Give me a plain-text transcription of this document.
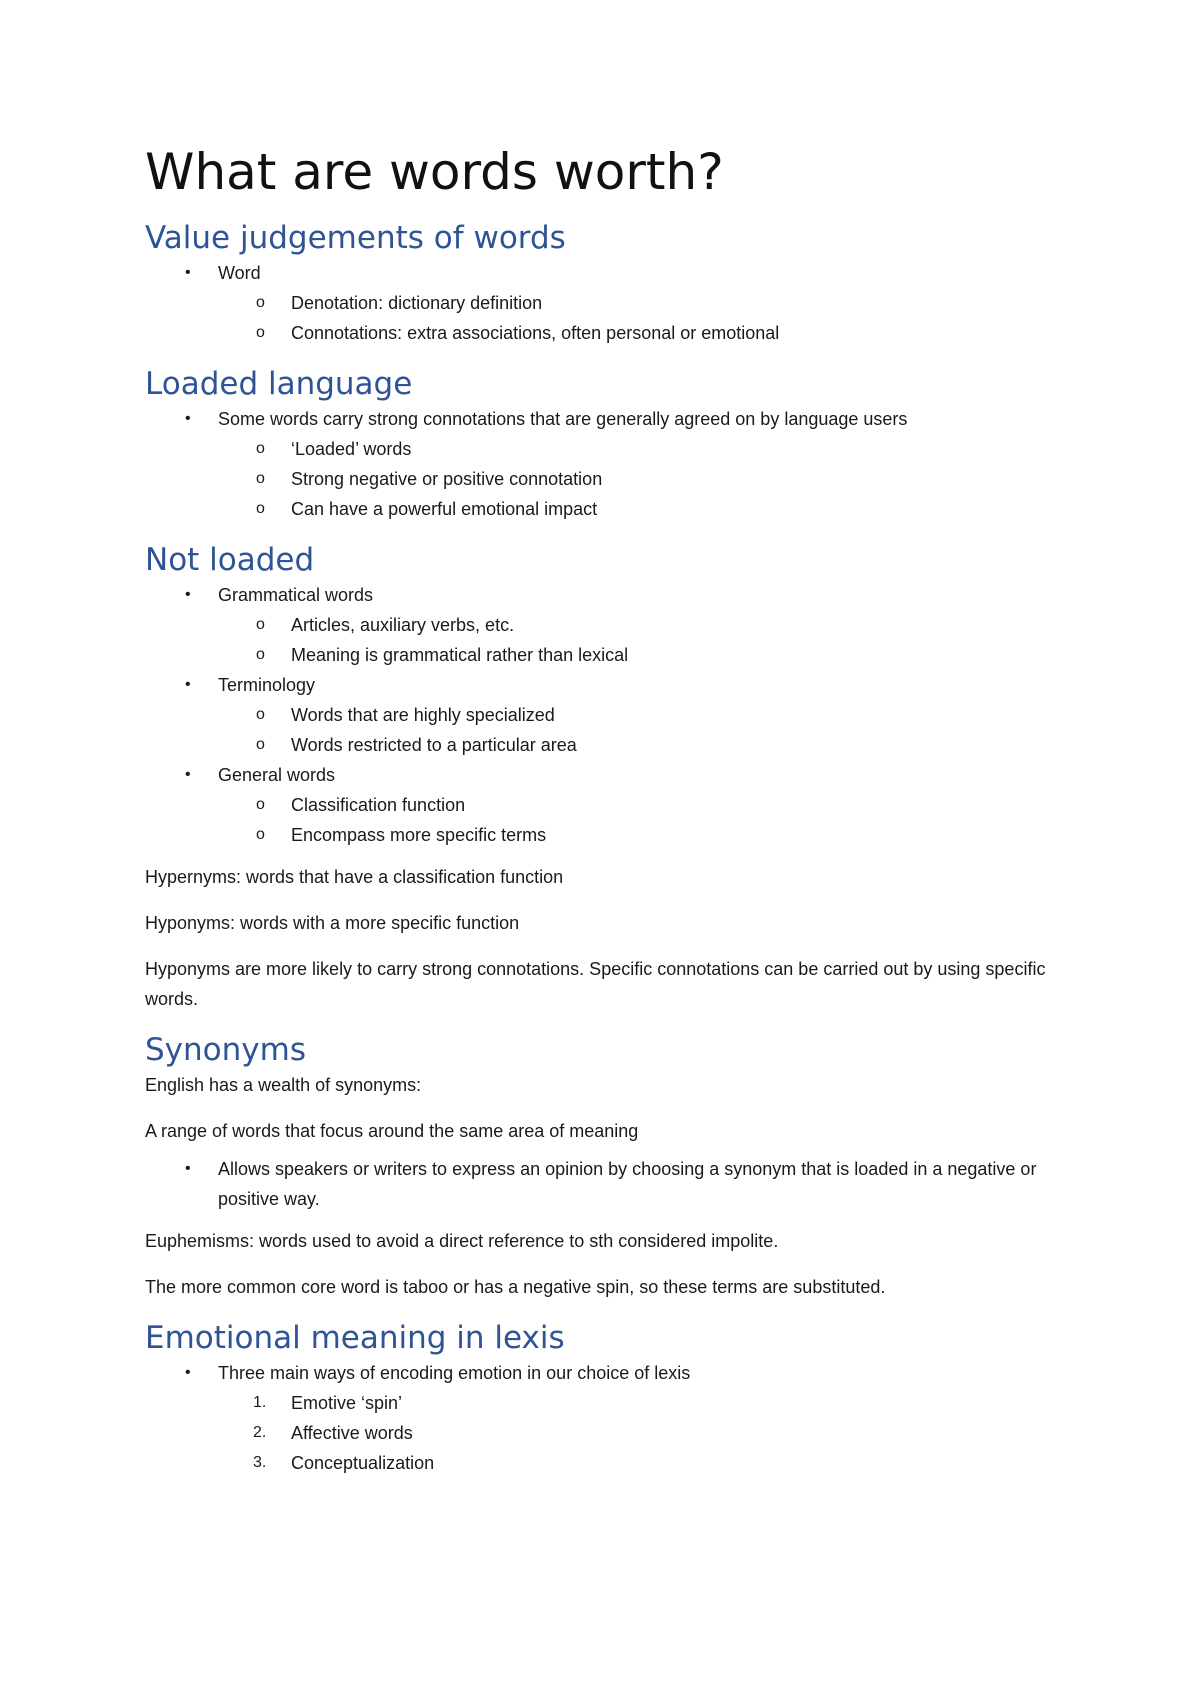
What are words worth?
Value judgements of words
• Word
o Denotation: dictionary definition
o Connotations: extra associations, often personal or emotional
Loaded language
• Some words carry strong connotations that are generally agreed on by language users
o ‘Loaded’ words
o Strong negative or positive connotation
o Can have a powerful emotional impact
Not loaded
• Grammatical words
o Articles, auxiliary verbs, etc.
o Meaning is grammatical rather than lexical
• Terminology
o Words that are highly specialized
o Words restricted to a particular area
• General words
o Classification function
o Encompass more specific terms

Hypernyms: words that have a classification function

Hyponyms: words with a more specific function

Hyponyms are more likely to carry strong connotations. Specific connotations can be carried out by using specific words.

Synonyms

English has a wealth of synonyms:

A range of words that focus around the same area of meaning

• Allows speakers or writers to express an opinion by choosing a synonym that is loaded in a negative or positive way.

Euphemisms: words used to avoid a direct reference to sth considered impolite.

The more common core word is taboo or has a negative spin, so these terms are substituted.

Emotional meaning in lexis
• Three main ways of encoding emotion in our choice of lexis
1. Emotive ‘spin’
2. Affective words
3. Conceptualization
